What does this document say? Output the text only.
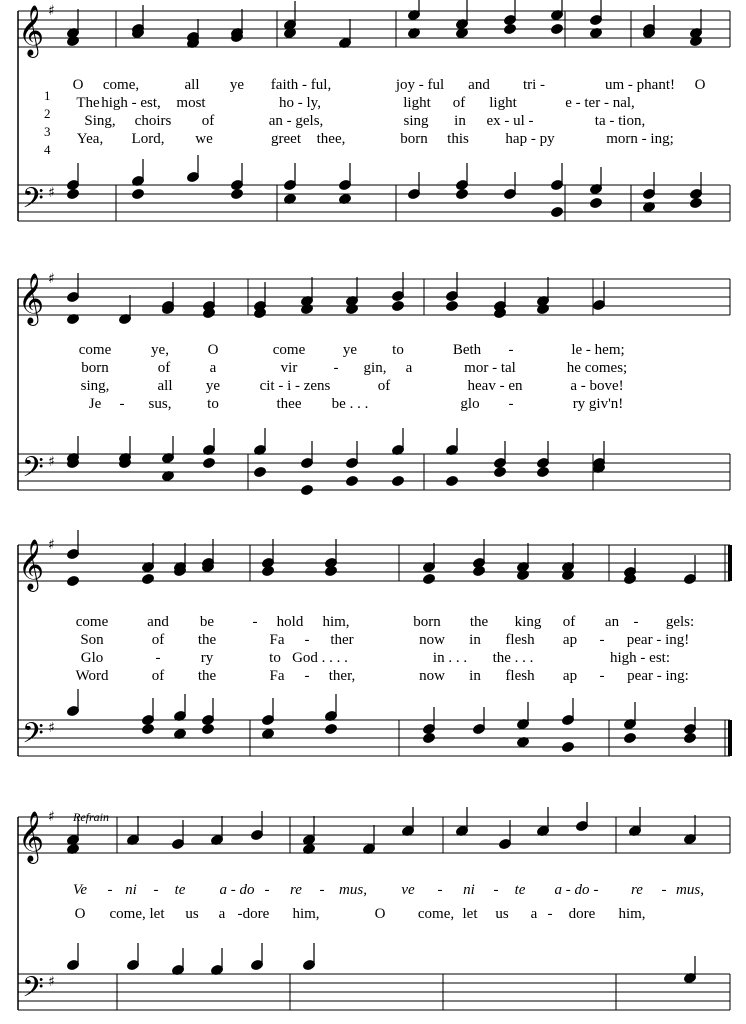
𝄞
𝄢
♯
♯
𝄞
𝄢
♯
♯
𝄞
𝄢
♯
♯
𝄞
𝄢
♯
♯
O come,	all ye faith - ful,	joy - ful and tri -	um - phant! O
The high - est, most	ho - ly,	light of light	e - ter - nal,
Sing, choirs of	an - gels,	sing in ex - ul -	ta - tion,
Yea, Lord, we	greet thee,	born this hap - py	morn - ing;
come	ye,	O	come	ye to	Beth -	le - hem;
born	of	a	vir - gin, a	mor - tal	he comes;
sing,	all ye	cit - i - zens	of	heav - en	a - bove!
Je - sus, to	thee be . . .	glo -	ry giv'n!
come	and be	- hold him,	born the king of an - gels:
Son	of the	Fa - ther	now in flesh ap - pear - ing!
Glo	-	ry	to God . . . .	in . . . the . . .	high - est:
Word	of the	Fa - ther,	now in flesh ap - pear - ing:
Ve - ni - te a - do - re - mus, ve - ni - te a - do - re - mus,
O come, let us a - dore him,	O come, let us a - dore him,
Refrain
1
2
3
4
